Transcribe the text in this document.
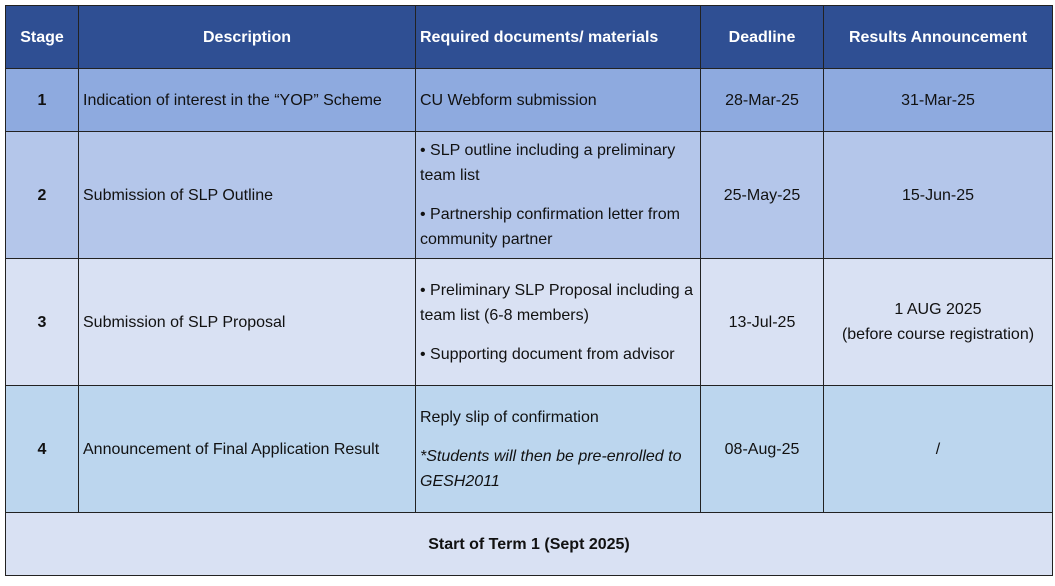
Stage	Description	Required documents/ materials	Deadline	Results Announcement
1	Indication of interest in the “YOP” Scheme	CU Webform submission	28-Mar-25	31-Mar-25
2	Submission of SLP Outline	• SLP outline including a preliminary team list
• Partnership confirmation letter from community partner	25-May-25	15-Jun-25
3	Submission of SLP Proposal	• Preliminary SLP Proposal including a team list (6-8 members)
• Supporting document from advisor	13-Jul-25	1 AUG 2025
(before course registration)

4	Announcement of Final Application Result	Reply slip of confirmation
*Students will then be pre-enrolled to GESH2011	08-Aug-25	/
Start of Term 1 (Sept 2025)				
